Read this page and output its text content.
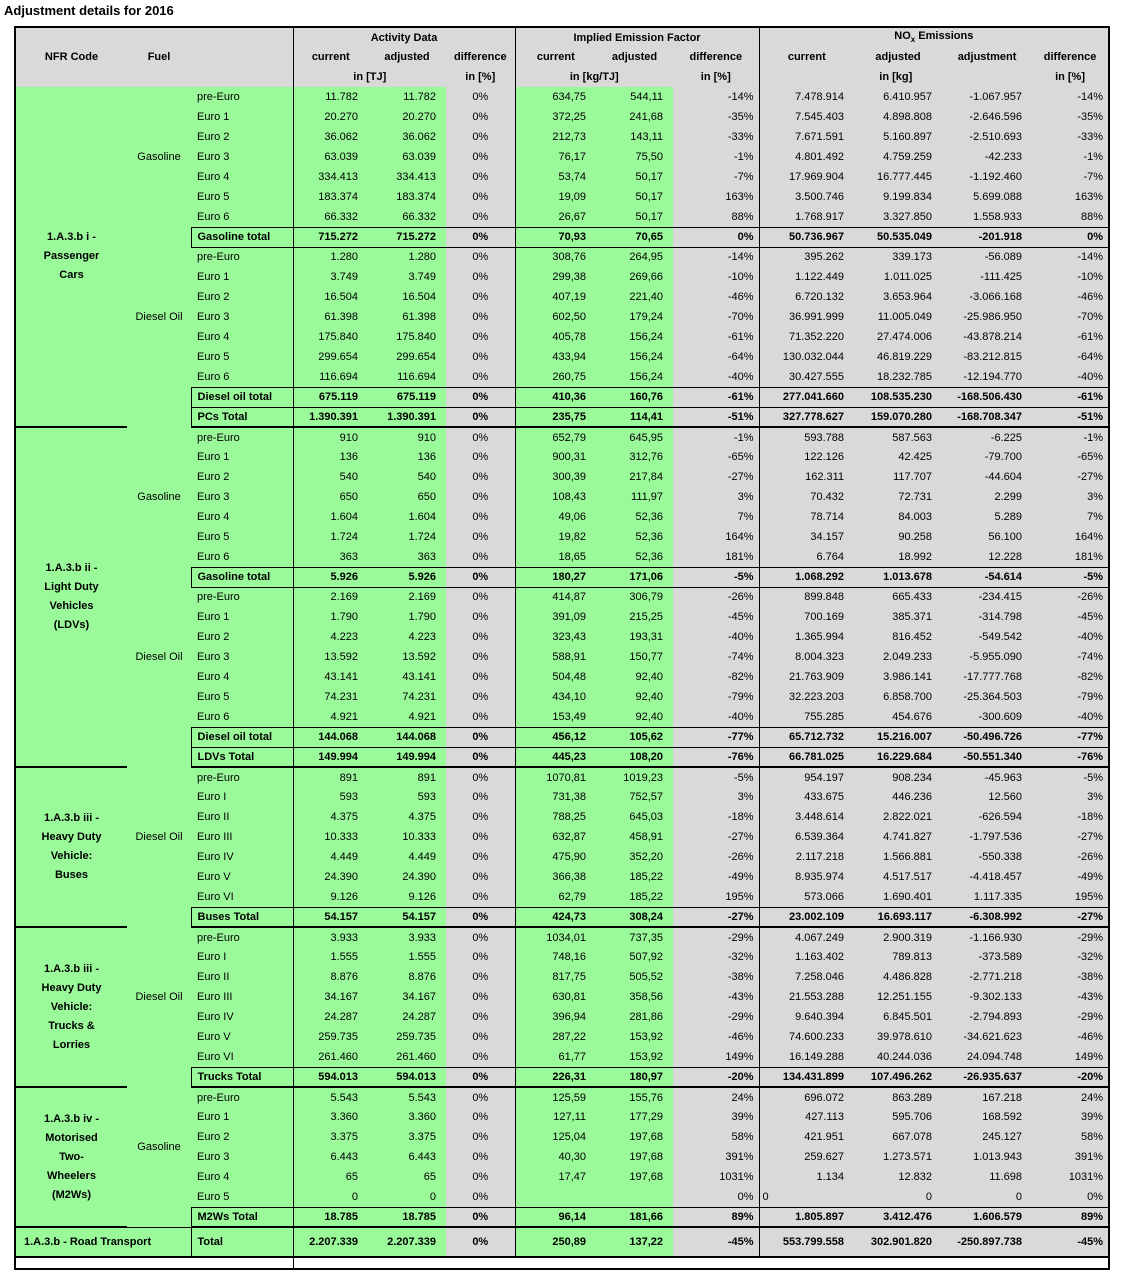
Adjustment details for 2016
			Activity Data			Implied Emission Factor			$NO_x$ Emissions			
NFR Code	Fuel		current	adjusted	difference	current	adjusted	difference	current	adjusted	adjustment	difference
			in [TJ]		in [%]	in [kg/TJ]		in [%]	in [kg]			in [%]

1.A.3.b i -
Passenger
Cars	Gasoline	pre-Euro	11.782	11.782	0%	634,75	544,11	-14%	7.478.914	6.410.957	-1.067.957	-14%
		Euro 1	20.270	20.270	0%	372,25	241,68	-35%	7.545.403	4.898.808	-2.646.596	-35%
		Euro 2	36.062	36.062	0%	212,73	143,11	-33%	7.671.591	5.160.897	-2.510.693	-33%
		Euro 3	63.039	63.039	0%	76,17	75,50	-1%	4.801.492	4.759.259	-42.233	-1%
		Euro 4	334.413	334.413	0%	53,74	50,17	-7%	17.969.904	16.777.445	-1.192.460	-7%
		Euro 5	183.374	183.374	0%	19,09	50,17	163%	3.500.746	9.199.834	5.699.088	163%
		Euro 6	66.332	66.332	0%	26,67	50,17	88%	1.768.917	3.327.850	1.558.933	88%
		Gasoline total	715.272	715.272	0%	70,93	70,65	0%	50.736.967	50.535.049	-201.918	0%
	Diesel Oil	pre-Euro	1.280	1.280	0%	308,76	264,95	-14%	395.262	339.173	-56.089	-14%
		Euro 1	3.749	3.749	0%	299,38	269,66	-10%	1.122.449	1.011.025	-111.425	-10%
		Euro 2	16.504	16.504	0%	407,19	221,40	-46%	6.720.132	3.653.964	-3.066.168	-46%
		Euro 3	61.398	61.398	0%	602,50	179,24	-70%	36.991.999	11.005.049	-25.986.950	-70%
		Euro 4	175.840	175.840	0%	405,78	156,24	-61%	71.352.220	27.474.006	-43.878.214	-61%
		Euro 5	299.654	299.654	0%	433,94	156,24	-64%	130.032.044	46.819.229	-83.212.815	-64%
		Euro 6	116.694	116.694	0%	260,75	156,24	-40%	30.427.555	18.232.785	-12.194.770	-40%
		Diesel oil total	675.119	675.119	0%	410,36	160,76	-61%	277.041.660	108.535.230	-168.506.430	-61%
		PCs Total	1.390.391	1.390.391	0%	235,75	114,41	-51%	327.778.627	159.070.280	-168.708.347	-51%

1.A.3.b ii -
Light Duty
Vehicles
(LDVs)	Gasoline	pre-Euro	910	910	0%	652,79	645,95	-1%	593.788	587.563	-6.225	-1%
		Euro 1	136	136	0%	900,31	312,76	-65%	122.126	42.425	-79.700	-65%
		Euro 2	540	540	0%	300,39	217,84	-27%	162.311	117.707	-44.604	-27%
		Euro 3	650	650	0%	108,43	111,97	3%	70.432	72.731	2.299	3%
		Euro 4	1.604	1.604	0%	49,06	52,36	7%	78.714	84.003	5.289	7%
		Euro 5	1.724	1.724	0%	19,82	52,36	164%	34.157	90.258	56.100	164%
		Euro 6	363	363	0%	18,65	52,36	181%	6.764	18.992	12.228	181%
		Gasoline total	5.926	5.926	0%	180,27	171,06	-5%	1.068.292	1.013.678	-54.614	-5%
	Diesel Oil	pre-Euro	2.169	2.169	0%	414,87	306,79	-26%	899.848	665.433	-234.415	-26%
		Euro 1	1.790	1.790	0%	391,09	215,25	-45%	700.169	385.371	-314.798	-45%
		Euro 2	4.223	4.223	0%	323,43	193,31	-40%	1.365.994	816.452	-549.542	-40%
		Euro 3	13.592	13.592	0%	588,91	150,77	-74%	8.004.323	2.049.233	-5.955.090	-74%
		Euro 4	43.141	43.141	0%	504,48	92,40	-82%	21.763.909	3.986.141	-17.777.768	-82%
		Euro 5	74.231	74.231	0%	434,10	92,40	-79%	32.223.203	6.858.700	-25.364.503	-79%
		Euro 6	4.921	4.921	0%	153,49	92,40	-40%	755.285	454.676	-300.609	-40%
		Diesel oil total	144.068	144.068	0%	456,12	105,62	-77%	65.712.732	15.216.007	-50.496.726	-77%
		LDVs Total	149.994	149.994	0%	445,23	108,20	-76%	66.781.025	16.229.684	-50.551.340	-76%

1.A.3.b iii -
Heavy Duty
Vehicle:
Buses	Diesel Oil	pre-Euro	891	891	0%	1070,81	1019,23	-5%	954.197	908.234	-45.963	-5%
		Euro I	593	593	0%	731,38	752,57	3%	433.675	446.236	12.560	3%
		Euro II	4.375	4.375	0%	788,25	645,03	-18%	3.448.614	2.822.021	-626.594	-18%
		Euro III	10.333	10.333	0%	632,87	458,91	-27%	6.539.364	4.741.827	-1.797.536	-27%
		Euro IV	4.449	4.449	0%	475,90	352,20	-26%	2.117.218	1.566.881	-550.338	-26%
		Euro V	24.390	24.390	0%	366,38	185,22	-49%	8.935.974	4.517.517	-4.418.457	-49%
		Euro VI	9.126	9.126	0%	62,79	185,22	195%	573.066	1.690.401	1.117.335	195%
		Buses Total	54.157	54.157	0%	424,73	308,24	-27%	23.002.109	16.693.117	-6.308.992	-27%

1.A.3.b iii -
Heavy Duty
Vehicle:
Trucks &
Lorries	Diesel Oil	pre-Euro	3.933	3.933	0%	1034,01	737,35	-29%	4.067.249	2.900.319	-1.166.930	-29%
		Euro I	1.555	1.555	0%	748,16	507,92	-32%	1.163.402	789.813	-373.589	-32%
		Euro II	8.876	8.876	0%	817,75	505,52	-38%	7.258.046	4.486.828	-2.771.218	-38%
		Euro III	34.167	34.167	0%	630,81	358,56	-43%	21.553.288	12.251.155	-9.302.133	-43%
		Euro IV	24.287	24.287	0%	396,94	281,86	-29%	9.640.394	6.845.501	-2.794.893	-29%
		Euro V	259.735	259.735	0%	287,22	153,92	-46%	74.600.233	39.978.610	-34.621.623	-46%
		Euro VI	261.460	261.460	0%	61,77	153,92	149%	16.149.288	40.244.036	24.094.748	149%
		Trucks Total	594.013	594.013	0%	226,31	180,97	-20%	134.431.899	107.496.262	-26.935.637	-20%

1.A.3.b iv -
Motorised
Two-
Wheelers
(M2Ws)	Gasoline	pre-Euro	5.543	5.543	0%	125,59	155,76	24%	696.072	863.289	167.218	24%
		Euro 1	3.360	3.360	0%	127,11	177,29	39%	427.113	595.706	168.592	39%
		Euro 2	3.375	3.375	0%	125,04	197,68	58%	421.951	667.078	245.127	58%
		Euro 3	6.443	6.443	0%	40,30	197,68	391%	259.627	1.273.571	1.013.943	391%
		Euro 4	65	65	0%	17,47	197,68	1031%	1.134	12.832	11.698	1031%
		Euro 5	0	0	0%			0%	0	0	0	0%
		M2Ws Total	18.785	18.785	0%	96,14	181,66	89%	1.805.897	3.412.476	1.606.579	89%
1.A.3.b - Road Transport		Total	2.207.339	2.207.339	0%	250,89	137,22	-45%	553.799.558	302.901.820	-250.897.738	-45%
